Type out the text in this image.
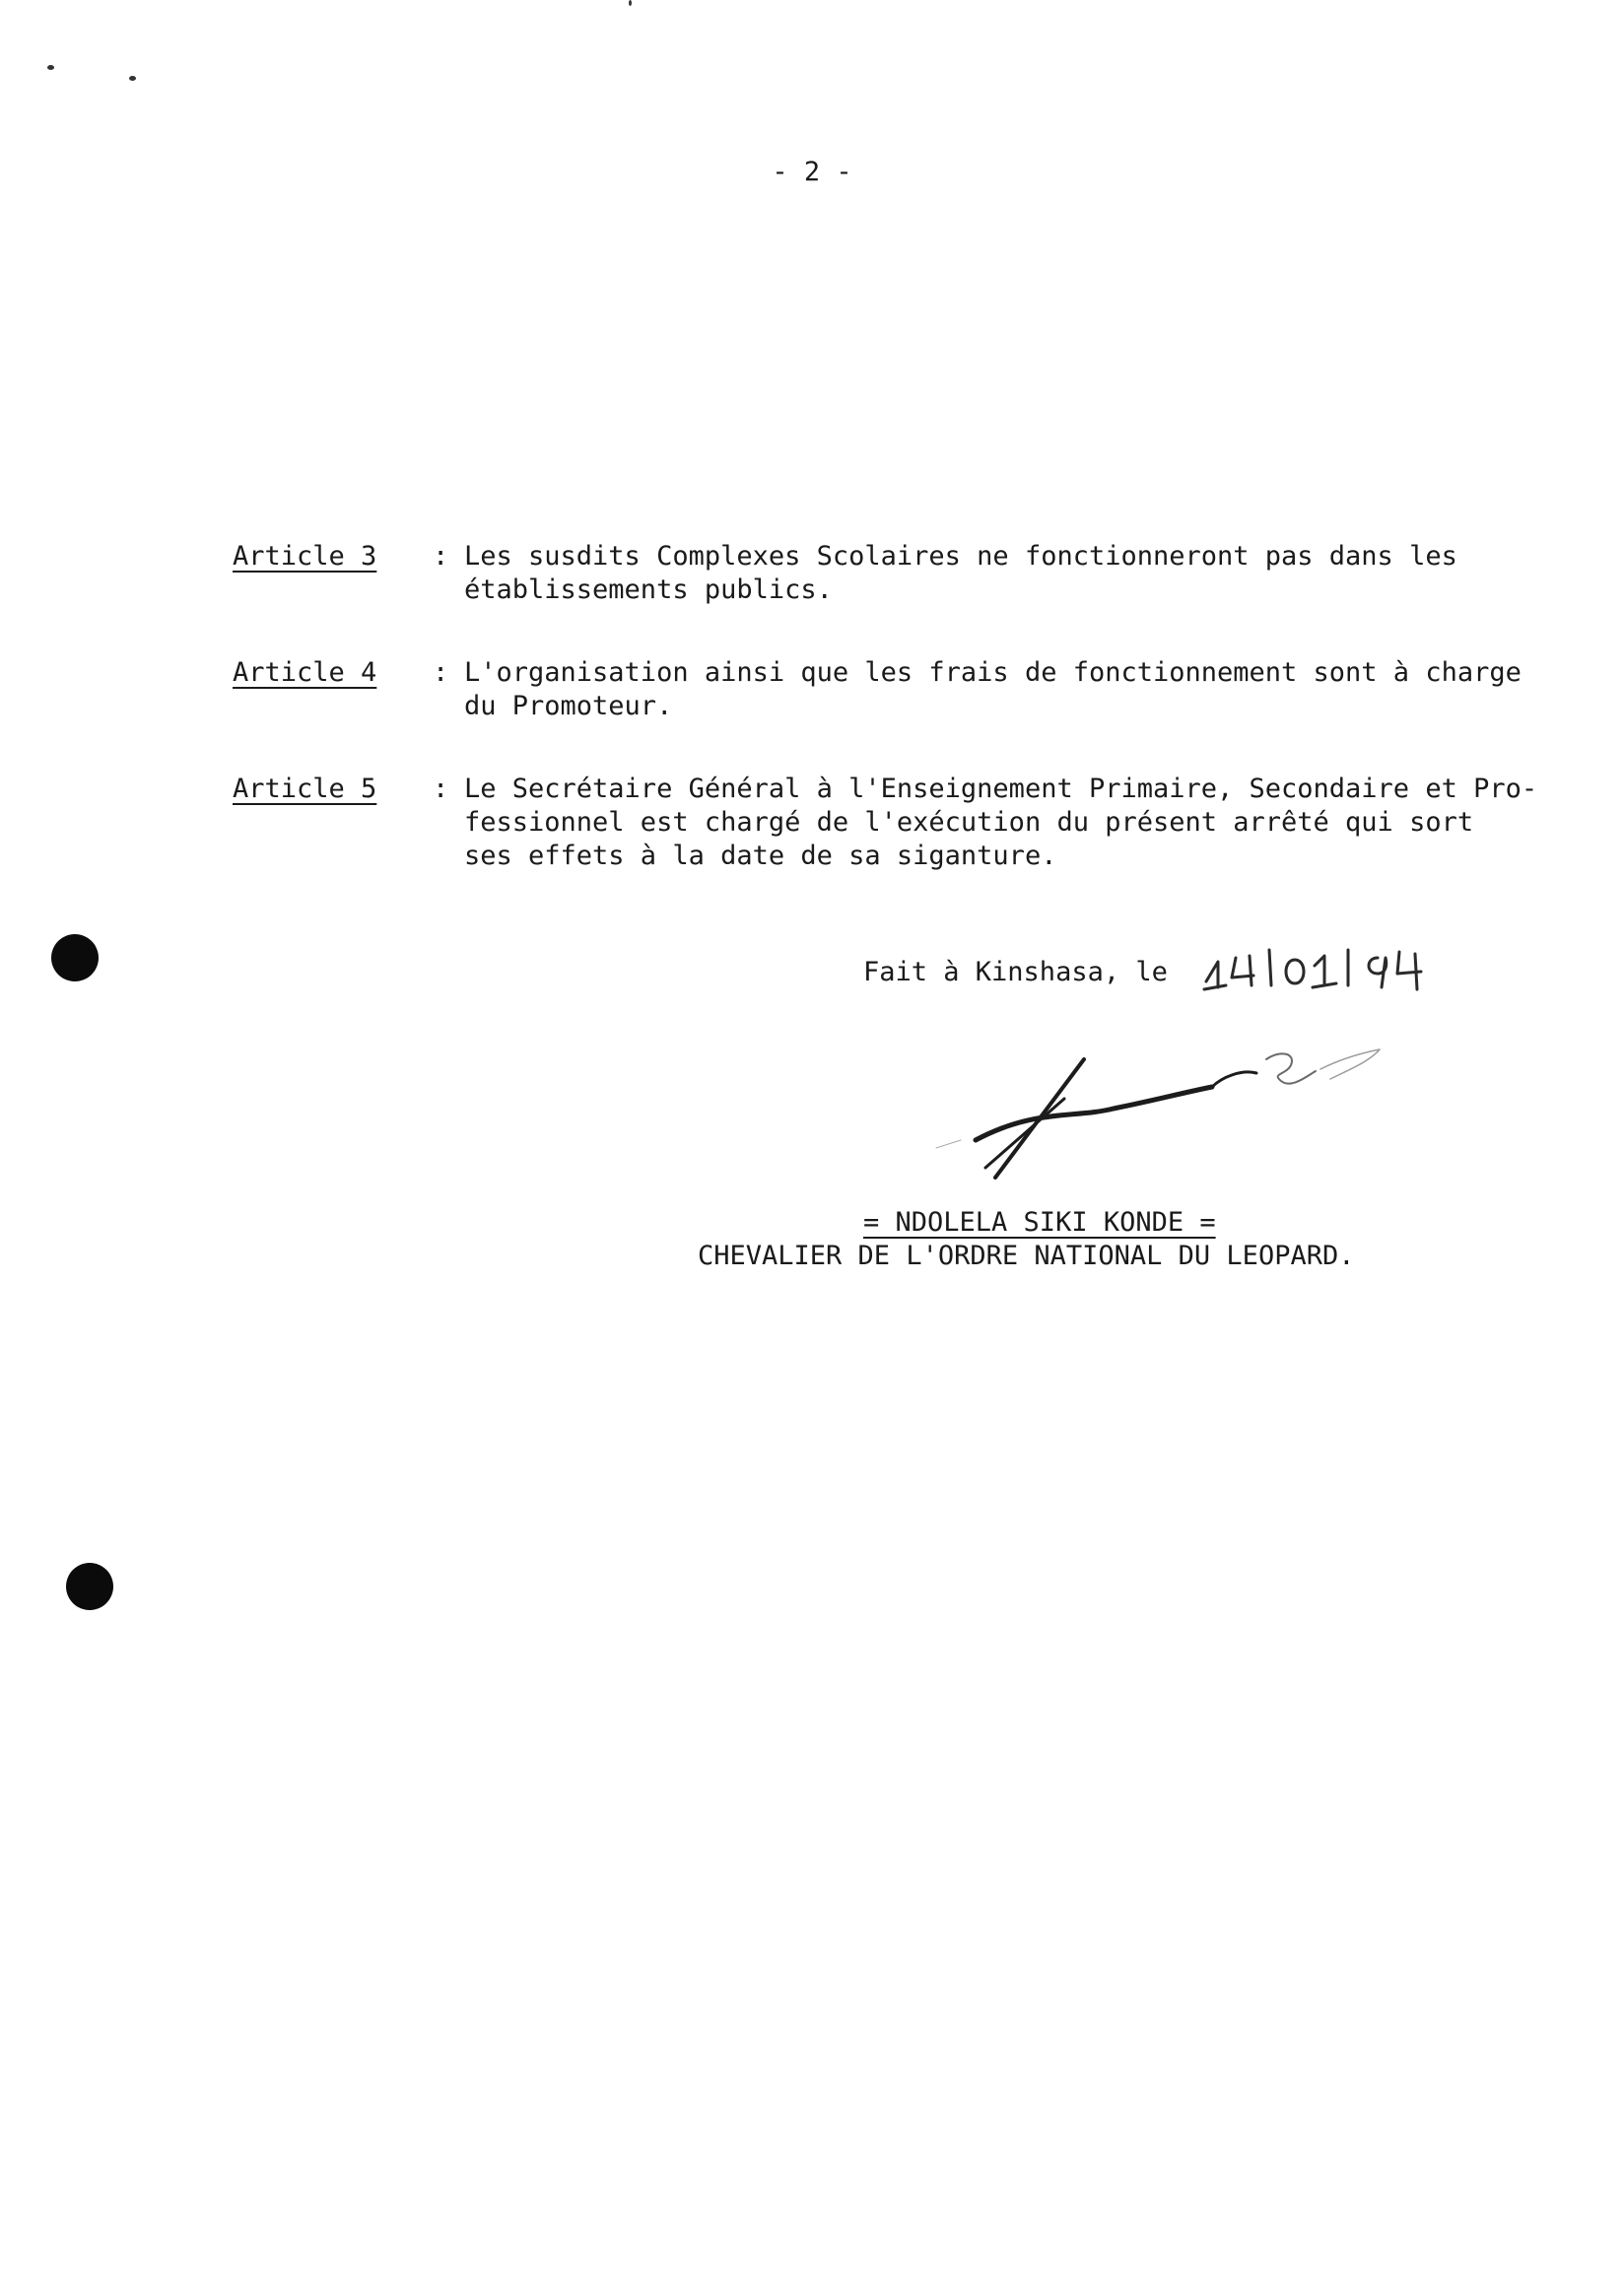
- 2 -
Article 3 : Les susdits Complexes Scolaires ne fonctionneront pas dans les
établissements publics.
Article 4 : L'organisation ainsi que les frais de fonctionnement sont à charge
du Promoteur.
Article 5 : Le Secrétaire Général à l'Enseignement Primaire, Secondaire et Pro-
fessionnel est chargé de l'exécution du présent arrêté qui sort
ses effets à la date de sa siganture.
Fait à Kinshasa, le
= NDOLELA SIKI KONDE =
CHEVALIER DE L'ORDRE NATIONAL DU LEOPARD.
